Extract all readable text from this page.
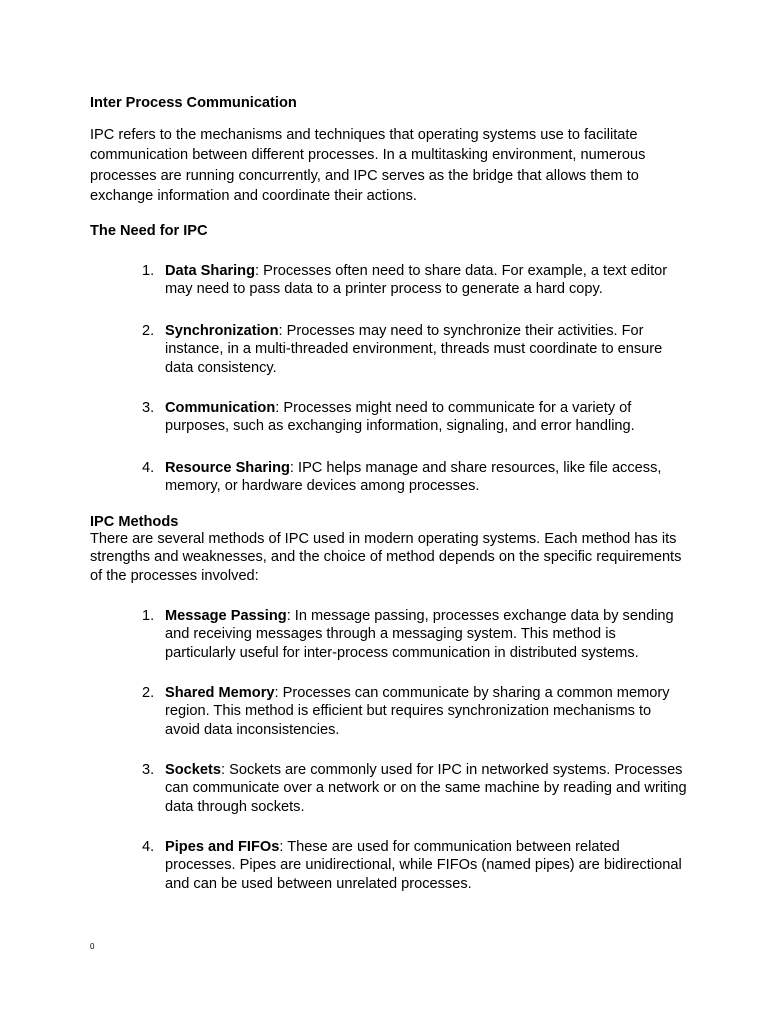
Inter Process Communication
IPC refers to the mechanisms and techniques that operating systems use to facilitate communication between different processes. In a multitasking environment, numerous processes are running concurrently, and IPC serves as the bridge that allows them to exchange information and coordinate their actions.
The Need for IPC
1. Data Sharing: Processes often need to share data. For example, a text editor may need to pass data to a printer process to generate a hard copy.
2. Synchronization: Processes may need to synchronize their activities. For instance, in a multi-threaded environment, threads must coordinate to ensure data consistency.
3. Communication: Processes might need to communicate for a variety of purposes, such as exchanging information, signaling, and error handling.
4. Resource Sharing: IPC helps manage and share resources, like file access, memory, or hardware devices among processes.
IPC Methods
There are several methods of IPC used in modern operating systems. Each method has its strengths and weaknesses, and the choice of method depends on the specific requirements of the processes involved:
1. Message Passing: In message passing, processes exchange data by sending and receiving messages through a messaging system. This method is particularly useful for inter-process communication in distributed systems.
2. Shared Memory: Processes can communicate by sharing a common memory region. This method is efficient but requires synchronization mechanisms to avoid data inconsistencies.
3. Sockets: Sockets are commonly used for IPC in networked systems. Processes can communicate over a network or on the same machine by reading and writing data through sockets.
4. Pipes and FIFOs: These are used for communication between related processes. Pipes are unidirectional, while FIFOs (named pipes) are bidirectional and can be used between unrelated processes.
0
